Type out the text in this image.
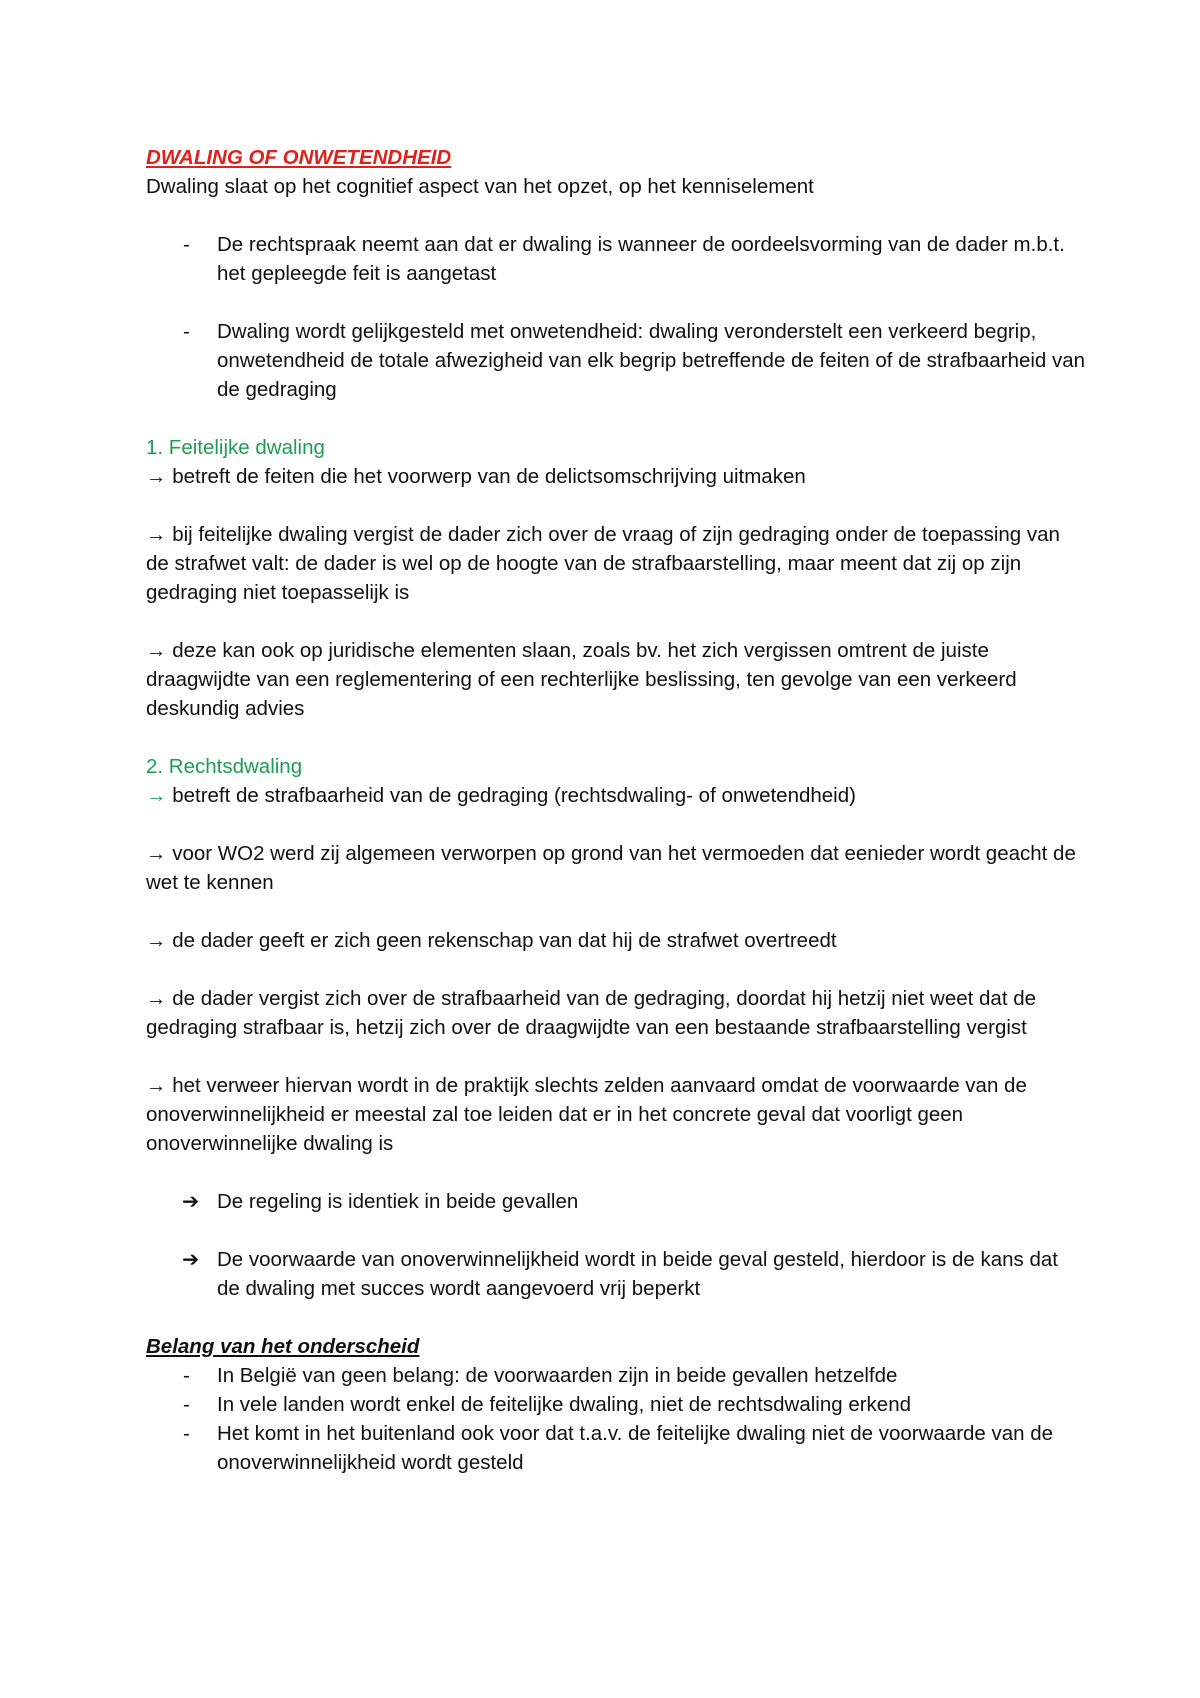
DWALING OF ONWETENDHEID

Dwaling slaat op het cognitief aspect van het opzet, op het kenniselement

- De rechtspraak neemt aan dat er dwaling is wanneer de oordeelsvorming van de dader m.b.t. het gepleegde feit is aangetast
- Dwaling wordt gelijkgesteld met onwetendheid: dwaling veronderstelt een verkeerd begrip, onwetendheid de totale afwezigheid van elk begrip betreffende de feiten of de strafbaarheid van de gedraging

1. Feitelijke dwaling

→ betreft de feiten die het voorwerp van de delictsomschrijving uitmaken

→ bij feitelijke dwaling vergist de dader zich over de vraag of zijn gedraging onder de toepassing van de strafwet valt: de dader is wel op de hoogte van de strafbaarstelling, maar meent dat zij op zijn gedraging niet toepasselijk is

→ deze kan ook op juridische elementen slaan, zoals bv. het zich vergissen omtrent de juiste draagwijdte van een reglementering of een rechterlijke beslissing, ten gevolge van een verkeerd deskundig advies

2. Rechtsdwaling

→ betreft de strafbaarheid van de gedraging (rechtsdwaling- of onwetendheid)

→ voor WO2 werd zij algemeen verworpen op grond van het vermoeden dat eenieder wordt geacht de wet te kennen

→ de dader geeft er zich geen rekenschap van dat hij de strafwet overtreedt

→ de dader vergist zich over de strafbaarheid van de gedraging, doordat hij hetzij niet weet dat de gedraging strafbaar is, hetzij zich over de draagwijdte van een bestaande strafbaarstelling vergist

→ het verweer hiervan wordt in de praktijk slechts zelden aanvaard omdat de voorwaarde van de onoverwinnelijkheid er meestal zal toe leiden dat er in het concrete geval dat voorligt geen onoverwinnelijke dwaling is

➔ De regeling is identiek in beide gevallen
➔ De voorwaarde van onoverwinnelijkheid wordt in beide geval gesteld, hierdoor is de kans dat de dwaling met succes wordt aangevoerd vrij beperkt

Belang van het onderscheid

- In België van geen belang: de voorwaarden zijn in beide gevallen hetzelfde
- In vele landen wordt enkel de feitelijke dwaling, niet de rechtsdwaling erkend
- Het komt in het buitenland ook voor dat t.a.v. de feitelijke dwaling niet de voorwaarde van de onoverwinnelijkheid wordt gesteld
